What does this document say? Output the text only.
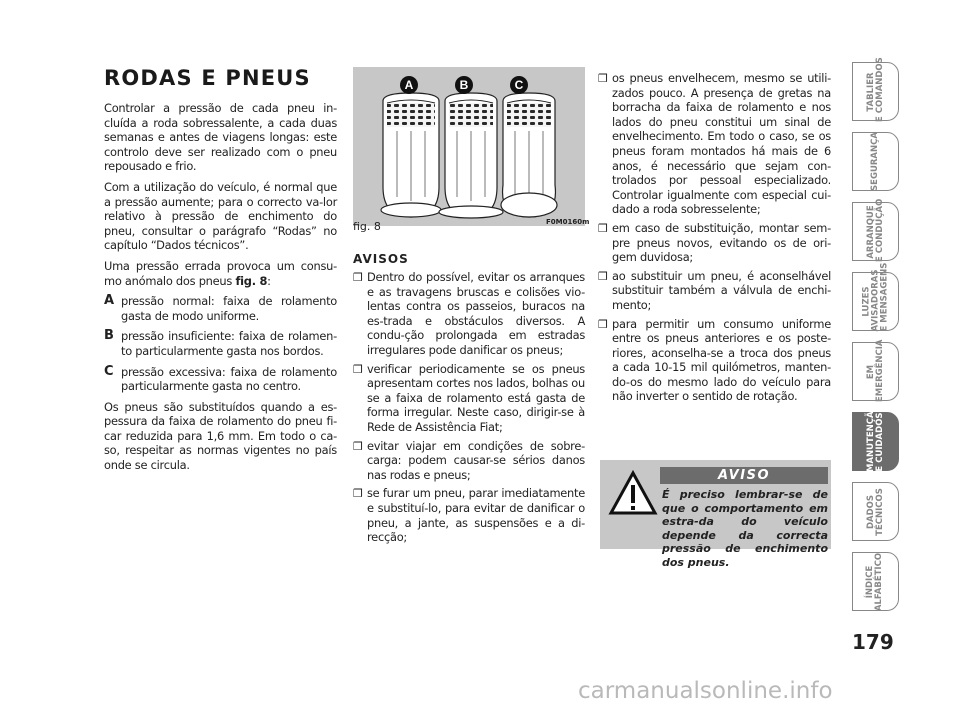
RODAS E PNEUS

Controlar a pressão de cada pneu in-cluída a roda sobressalente, a cada duas semanas e antes de viagens longas: este controlo deve ser realizado com o pneu repousado e frio.

Com a utilização do veículo, é normal que a pressão aumente; para o correcto va-lor relativo à pressão de enchimento do pneu, consultar o parágrafo “Rodas” no capítulo “Dados técnicos”.

Uma pressão errada provoca um consu-mo anómalo dos pneus fig. 8:

A pressão normal: faixa de rolamento gasta de modo uniforme.
B pressão insuficiente: faixa de rolamen-to particularmente gasta nos bordos.
C pressão excessiva: faixa de rolamento particularmente gasta no centro.

Os pneus são substituídos quando a es-pessura da faixa de rolamento do pneu fi-car reduzida para 1,6 mm. Em todo o ca-so, respeitar as normas vigentes no país onde se circula.

A	B	C
fig. 8	F0M0160m
AVISOS
❒ Dentro do possível, evitar os arranques e as travagens bruscas e colisões vio-lentas contra os passeios, buracos na es-trada e obstáculos diversos. A condu-ção prolongada em estradas irregulares pode danificar os pneus;
❒ verificar periodicamente se os pneus apresentam cortes nos lados, bolhas ou se a faixa de rolamento está gasta de forma irregular. Neste caso, dirigir-se à Rede de Assistência Fiat;
❒ evitar viajar em condições de sobre-carga: podem causar-se sérios danos nas rodas e pneus;
❒ se furar um pneu, parar imediatamente e substituí-lo, para evitar de danificar o pneu, a jante, as suspensões e a di-recção;
❒ os pneus envelhecem, mesmo se utili-zados pouco. A presença de gretas na borracha da faixa de rolamento e nos lados do pneu constitui um sinal de envelhecimento. Em todo o caso, se os pneus foram montados há mais de 6 anos, é necessário que sejam con-trolados por pessoal especializado. Controlar igualmente com especial cui-dado a roda sobresselente;
❒ em caso de substituição, montar sem-pre pneus novos, evitando os de ori-gem duvidosa;
❒ ao substituir um pneu, é aconselhável substituir também a válvula de enchi-mento;
❒ para permitir um consumo uniforme entre os pneus anteriores e os poste-riores, aconselha-se a troca dos pneus a cada 10-15 mil quilómetros, manten-do-os do mesmo lado do veículo para não inverter o sentido de rotação.
AVISO
É preciso lembrar-se de que o comportamento em estra-da do veículo depende da correcta pressão de enchimento dos pneus.
TABLIER
E COMANDOS
SEGURANÇA
ARRANQUE
E CONDUÇÃO
LUZES
AVISADORAS
E MENSAGENS
EM
EMERGÊNCIA
MANUTENÇÃO
E CUIDADOS
DADOS
TÉCNICOS
ÍNDICE
ALFABÉTICO
179
carmanualsonline.info
